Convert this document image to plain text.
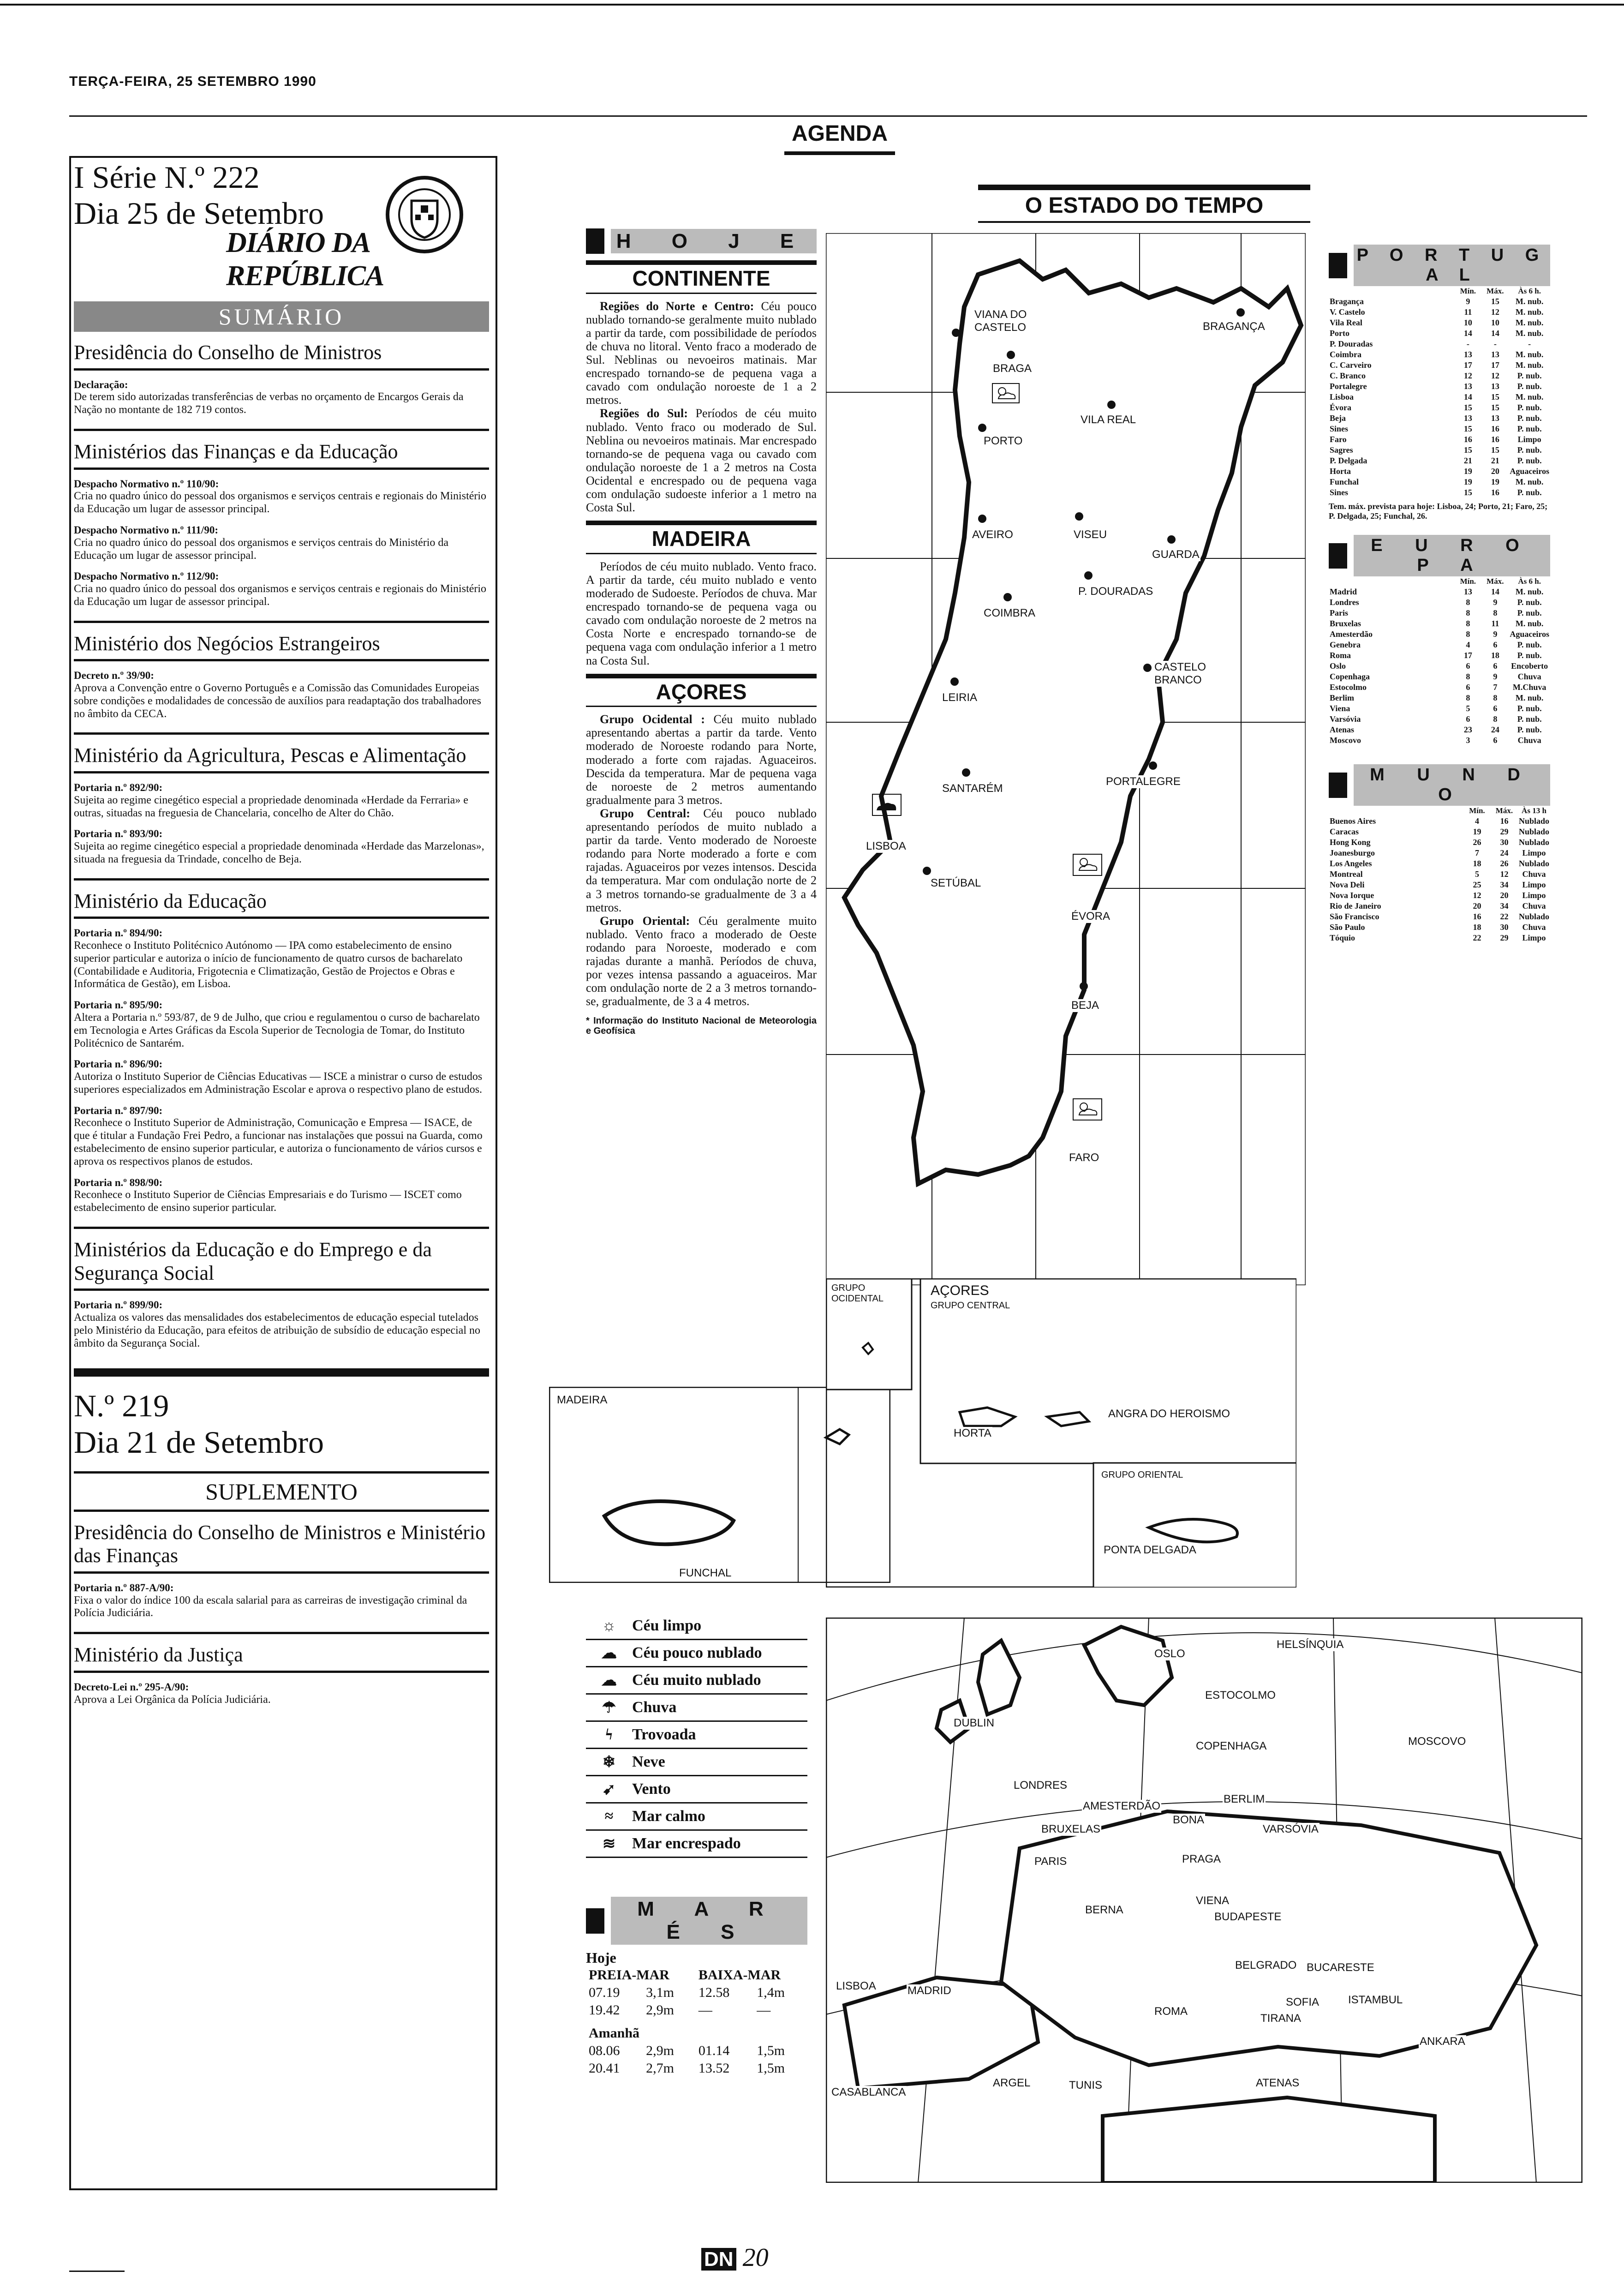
TERÇA-FEIRA, 25 SETEMBRO 1990
AGENDA
I Série N.º 222
Dia 25 de Setembro
DIÁRIO DA REPÚBLICA
SUMÁRIO
Presidência do Conselho de Ministros
Declaração:
De terem sido autorizadas transferências de verbas no orçamento de Encargos Gerais da Nação no montante de 182 719 contos.
Ministérios das Finanças e da Educação
Despacho Normativo n.º 110/90:
Cria no quadro único do pessoal dos organismos e serviços centrais e regionais do Ministério da Educação um lugar de assessor principal.
Despacho Normativo n.º 111/90:
Cria no quadro único do pessoal dos organismos e serviços centrais do Ministério da Educação um lugar de assessor principal.
Despacho Normativo n.º 112/90:
Cria no quadro único do pessoal dos organismos e serviços centrais e regionais do Ministério da Educação um lugar de assessor principal.
Ministério dos Negócios Estrangeiros
Decreto n.º 39/90:
Aprova a Convenção entre o Governo Português e a Comissão das Comunidades Europeias sobre condições e modalidades de concessão de auxílios para readaptação dos trabalhadores no âmbito da CECA.
Ministério da Agricultura, Pescas e Alimentação
Portaria n.º 892/90:
Sujeita ao regime cinegético especial a propriedade denominada «Herdade da Ferraria» e outras, situadas na freguesia de Chancelaria, concelho de Alter do Chão.
Portaria n.º 893/90:
Sujeita ao regime cinegético especial a propriedade denominada «Herdade das Marzelonas», situada na freguesia da Trindade, concelho de Beja.
Ministério da Educação
Portaria n.º 894/90:
Reconhece o Instituto Politécnico Autónomo — IPA como estabelecimento de ensino superior particular e autoriza o início de funcionamento de quatro cursos de bacharelato (Contabilidade e Auditoria, Frigotecnia e Climatização, Gestão de Projectos e Obras e Informática de Gestão), em Lisboa.
Portaria n.º 895/90:
Altera a Portaria n.º 593/87, de 9 de Julho, que criou e regulamentou o curso de bacharelato em Tecnologia e Artes Gráficas da Escola Superior de Tecnologia de Tomar, do Instituto Politécnico de Santarém.
Portaria n.º 896/90:
Autoriza o Instituto Superior de Ciências Educativas — ISCE a ministrar o curso de estudos superiores especializados em Administração Escolar e aprova o respectivo plano de estudos.
Portaria n.º 897/90:
Reconhece o Instituto Superior de Administração, Comunicação e Empresa — ISACE, de que é titular a Fundação Frei Pedro, a funcionar nas instalações que possui na Guarda, como estabelecimento de ensino superior particular, e autoriza o funcionamento de vários cursos e aprova os respectivos planos de estudos.
Portaria n.º 898/90:
Reconhece o Instituto Superior de Ciências Empresariais e do Turismo — ISCET como estabelecimento de ensino superior particular.
Ministérios da Educação e do Emprego e da Segurança Social
Portaria n.º 899/90:
Actualiza os valores das mensalidades dos estabelecimentos de educação especial tutelados pelo Ministério da Educação, para efeitos de atribuição de subsídio de educação especial no âmbito da Segurança Social.
N.º 219
Dia 21 de Setembro
SUPLEMENTO
Presidência do Conselho de Ministros e Ministério das Finanças
Portaria n.º 887-A/90:
Fixa o valor do índice 100 da escala salarial para as carreiras de investigação criminal da Polícia Judiciária.
Ministério da Justiça
Decreto-Lei n.º 295-A/90:
Aprova a Lei Orgânica da Polícia Judiciária.
O ESTADO DO TEMPO
H O J E
CONTINENTE

Regiões do Norte e Centro: Céu pouco nublado tornando-se geralmente muito nublado a partir da tarde, com possibilidade de períodos de chuva no litoral. Vento fraco a moderado de Sul. Neblinas ou nevoeiros matinais. Mar encrespado tornando-se de pequena vaga a cavado com ondulação noroeste de 1 a 2 metros.

Regiões do Sul: Períodos de céu muito nublado. Vento fraco ou moderado de Sul. Neblina ou nevoeiros matinais. Mar encrespado tornando-se de pequena vaga ou cavado com ondulação noroeste de 1 a 2 metros na Costa Ocidental e encrespado ou de pequena vaga com ondulação sudoeste inferior a 1 metro na Costa Sul.

MADEIRA

Períodos de céu muito nublado. Vento fraco. A partir da tarde, céu muito nublado e vento moderado de Sudoeste. Períodos de chuva. Mar encrespado tornando-se de pequena vaga ou cavado com ondulação noroeste de 2 metros na Costa Norte e encrespado tornando-se de pequena vaga com ondulação inferior a 1 metro na Costa Sul.

AÇORES

Grupo Ocidental : Céu muito nublado apresentando abertas a partir da tarde. Vento moderado de Noroeste rodando para Norte, moderado a forte com rajadas. Aguaceiros. Descida da temperatura. Mar de pequena vaga de noroeste de 2 metros aumentando gradualmente para 3 metros.

Grupo Central: Céu pouco nublado apresentando períodos de muito nublado a partir da tarde. Vento moderado de Noroeste rodando para Norte moderado a forte e com rajadas. Aguaceiros por vezes intensos. Descida da temperatura. Mar com ondulação norte de 2 a 3 metros tornando-se gradualmente de 3 a 4 metros.

Grupo Oriental: Céu geralmente muito nublado. Vento fraco a moderado de Oeste rodando para Noroeste, moderado e com rajadas durante a manhã. Períodos de chuva, por vezes intensa passando a aguaceiros. Mar com ondulação norte de 2 a 3 metros tornando-se, gradualmente, de 3 a 4 metros.

* Informação do Instituto Nacional de Meteorologia e Geofísica

VIANA DO CASTELO
BRAGA
BRAGANÇA
PORTO
VILA REAL
AVEIRO	VISEU
GUARDA
P. DOURADAS
COIMBRA
LEIRIA
CASTELO BRANCO
SANTARÉM
PORTALEGRE
LISBOA
SETÚBAL
ÉVORA
BEJA
FARO
MADEIRA
FUNCHAL
GRUPO OCIDENTAL
AÇORES
GRUPO CENTRAL
HORTA
ANGRA DO HEROISMO
GRUPO ORIENTAL
PONTA DELGADA
OSLO
HELSÍNQUIA
ESTOCOLMO
DUBLIN
COPENHAGA	MOSCOVO
LONDRES
AMESTERDÃO
BERLIM
BRUXELAS
BONA
VARSÓVIA
PARIS	PRAGA
BERNA
VIENA
BUDAPESTE
BELGRADO BUCARESTE
LISBOA	MADRID
SOFIA	ISTAMBUL
ROMA
TIRANA
ANKARA
ARGEL	TUNIS	ATENAS
CASABLANCA
☼	Céu limpo
☁ Céu pouco nublado
☁ Céu muito nublado
☂	Chuva
ϟ	Trovoada
❄	Neve
➹	Vento
≈	Mar calmo
≋	Mar encrespado
M A R É S
Hoje
PREIA-MAR		BAIXA-MAR	
07.19	3,1m	12.58	1,4m
19.42	2,9m	—	—
Amanhã			
08.06	2,9m	01.14	1,5m
20.41	2,7m	13.52	1,5m
P O R T U G A L
	Mín.	Máx.	Às 6 h.
Bragança	9	15	M. nub.
V. Castelo	11	12	M. nub.
Vila Real	10	10	M. nub.
Porto	14	14	M. nub.
P. Douradas	-	-	-
Coimbra	13	13	M. nub.
C. Carveiro	17	17	M. nub.
C. Branco	12	12	P. nub.
Portalegre	13	13	P. nub.
Lisboa	14	15	M. nub.
Évora	15	15	P. nub.
Beja	13	13	P. nub.
Sines	15	16	P. nub.
Faro	16	16	Limpo
Sagres	15	15	P. nub.
P. Delgada	21	21	P. nub.
Horta	19	20	Aguaceiros
Funchal	19	19	M. nub.
Sines	15	16	P. nub.
Tem. máx. prevista para hoje: Lisboa, 24; Porto, 21; Faro, 25; P. Delgada, 25; Funchal, 26.
E U R O P A
	Mín.	Máx.	Às 6 h.
Madrid	13	14	M. nub.
Londres	8	9	P. nub.
Paris	8	8	P. nub.
Bruxelas	8	11	M. nub.
Amesterdão	8	9	Aguaceiros
Genebra	4	6	P. nub.
Roma	17	18	P. nub.
Oslo	6	6	Encoberto
Copenhaga	8	9	Chuva
Estocolmo	6	7	M.Chuva
Berlim	8	8	M. nub.
Viena	5	6	P. nub.
Varsóvia	6	8	P. nub.
Atenas	23	24	P. nub.
Moscovo	3	6	Chuva
M U N D O
	Mín.	Máx.	Às 13 h
Buenos Aires	4	16	Nublado
Caracas	19	29	Nublado
Hong Kong	26	30	Nublado
Joanesburgo	7	24	Limpo
Los Angeles	18	26	Nublado
Montreal	5	12	Chuva
Nova Deli	25	34	Limpo
Nova Iorque	12	20	Limpo
Rio de Janeiro	20	34	Chuva
São Francisco	16	22	Nublado
São Paulo	18	30	Chuva
Tóquio	22	29	Limpo
DN 20
